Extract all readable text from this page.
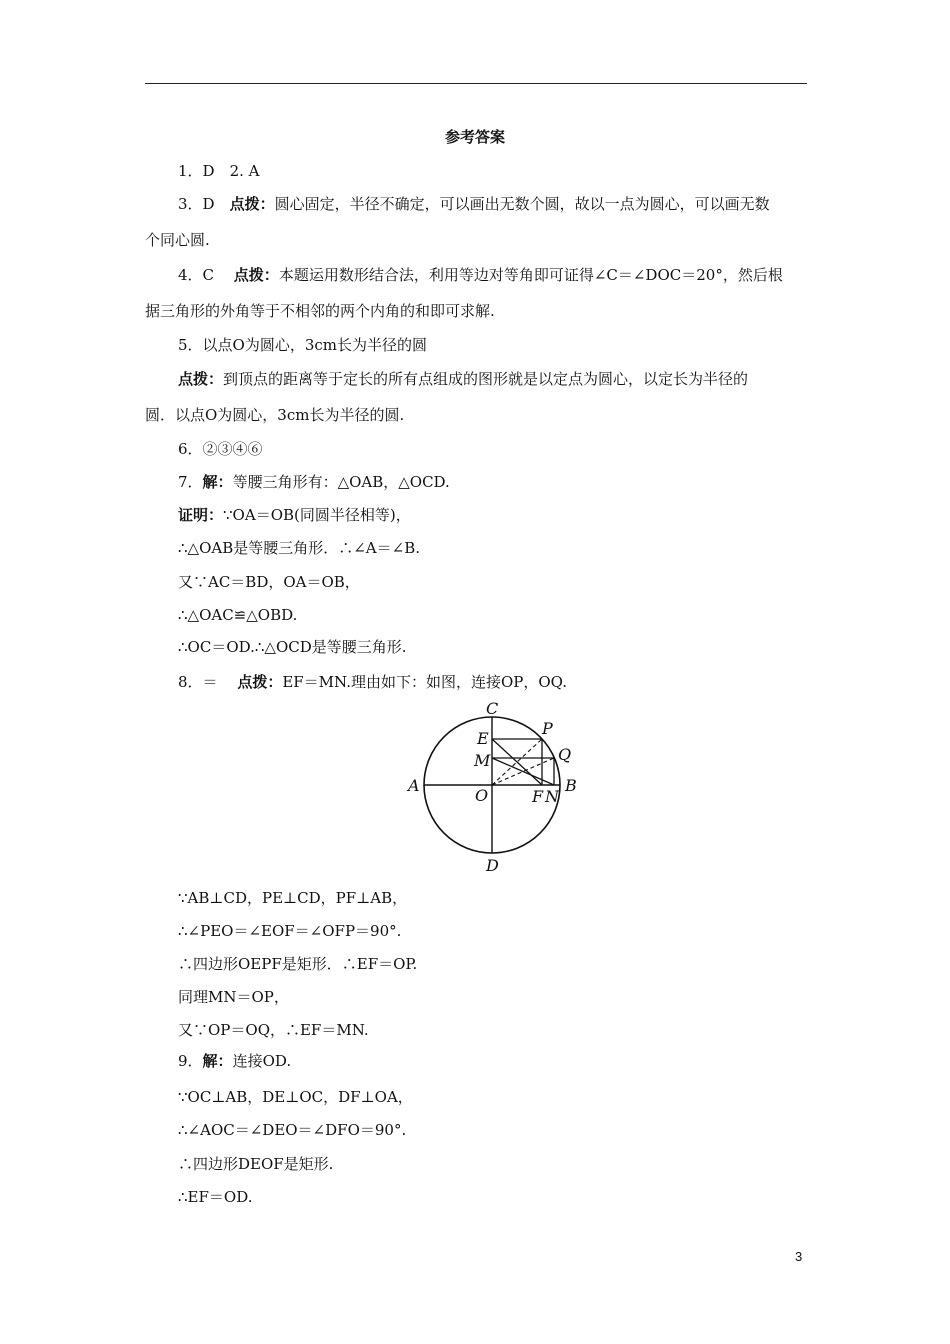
参考答案
1．D　2. A
3．D　点拨：圆心固定，半径不确定，可以画出无数个圆，故以一点为圆心，可以画无数
个同心圆.
4．C　 点拨：本题运用数形结合法，利用等边对等角即可证得∠C＝∠DOC＝20°，然后根
据三角形的外角等于不相邻的两个内角的和即可求解.
5．以点O为圆心，3cm长为半径的圆
点拨：到顶点的距离等于定长的所有点组成的图形就是以定点为圆心，以定长为半径的
圆．以点O为圆心，3cm长为半径的圆.
6．②③④⑥
7．解：等腰三角形有：△OAB，△OCD.
证明：∵OA＝OB(同圆半径相等)，
∴△OAB是等腰三角形．∴∠A＝∠B.
又∵AC＝BD，OA＝OB，
∴△OAC≌△OBD.
∴OC＝OD.∴△OCD是等腰三角形.
8．＝　 点拨：EF＝MN.理由如下：如图，连接OP，OQ.
C
P
E
Q
M
B
A
O	F N
D
∵AB⊥CD，PE⊥CD，PF⊥AB，
∴∠PEO＝∠EOF＝∠OFP＝90°.
∴四边形OEPF是矩形．∴EF＝OP.
同理MN＝OP，
又∵OP＝OQ，∴EF＝MN.
9．解：连接OD.
∵OC⊥AB，DE⊥OC，DF⊥OA，
∴∠AOC＝∠DEO＝∠DFO＝90°.
∴四边形DEOF是矩形.
∴EF＝OD.
3
